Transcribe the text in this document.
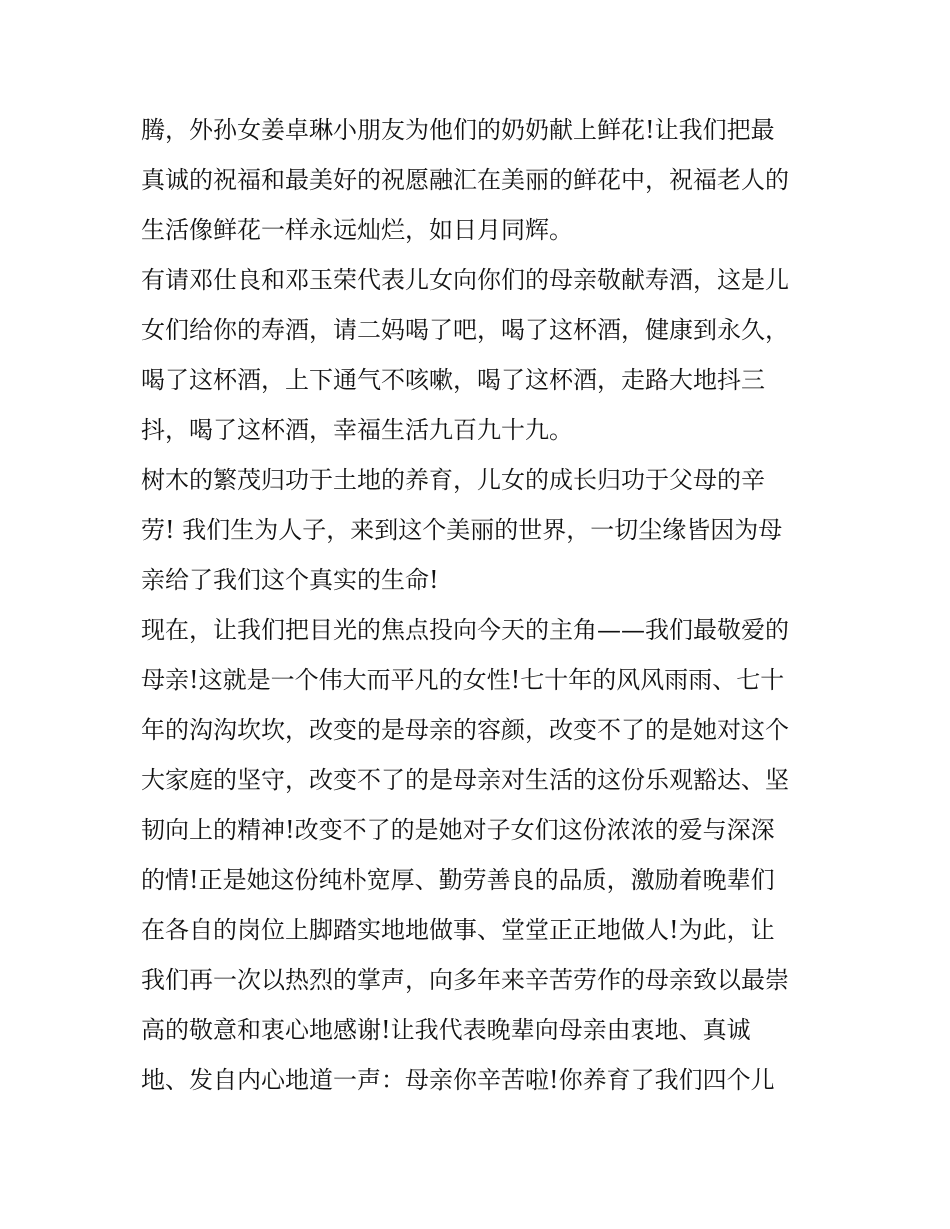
腾，外孙女姜卓琳小朋友为他们的奶奶献上鲜花!让我们把最
真诚的祝福和最美好的祝愿融汇在美丽的鲜花中，祝福老人的
生活像鲜花一样永远灿烂，如日月同辉。
有请邓仕良和邓玉荣代表儿女向你们的母亲敬献寿酒，这是儿
女们给你的寿酒，请二妈喝了吧，喝了这杯酒，健康到永久，
喝了这杯酒，上下通气不咳嗽，喝了这杯酒，走路大地抖三
抖，喝了这杯酒，幸福生活九百九十九。
树木的繁茂归功于土地的养育，儿女的成长归功于父母的辛
劳! 我们生为人子，来到这个美丽的世界，一切尘缘皆因为母
亲给了我们这个真实的生命!
现在，让我们把目光的焦点投向今天的主角——我们最敬爱的
母亲!这就是一个伟大而平凡的女性!七十年的风风雨雨、七十
年的沟沟坎坎，改变的是母亲的容颜，改变不了的是她对这个
大家庭的坚守，改变不了的是母亲对生活的这份乐观豁达、坚
韧向上的精神!改变不了的是她对子女们这份浓浓的爱与深深
的情!正是她这份纯朴宽厚、勤劳善良的品质，激励着晚辈们
在各自的岗位上脚踏实地地做事、堂堂正正地做人!为此，让
我们再一次以热烈的掌声，向多年来辛苦劳作的母亲致以最崇
高的敬意和衷心地感谢!让我代表晚辈向母亲由衷地、真诚
地、发自内心地道一声：母亲你辛苦啦!你养育了我们四个儿
